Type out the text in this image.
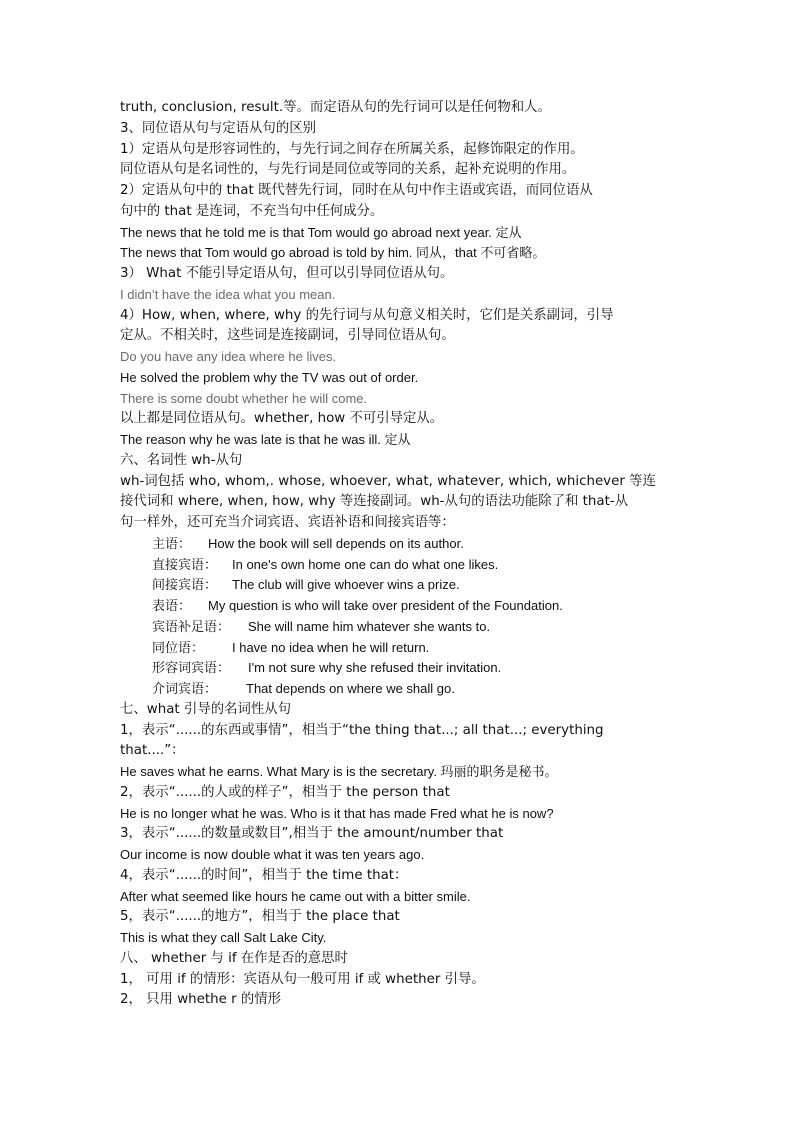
truth, conclusion, result.等。而定语从句的先行词可以是任何物和人。
3、同位语从句与定语从句的区别
1）定语从句是形容词性的，与先行词之间存在所属关系，起修饰限定的作用。
同位语从句是名词性的，与先行词是同位或等同的关系，起补充说明的作用。
2）定语从句中的 that 既代替先行词，同时在从句中作主语或宾语，而同位语从
句中的 that 是连词，不充当句中任何成分。
The news that he told me is that Tom would go abroad next year. 定从
The news that Tom would go abroad is told by him. 同从，that 不可省略。
3） What 不能引导定语从句，但可以引导同位语从句。
I didn’t have the idea what you mean.
4）How, when, where, why 的先行词与从句意义相关时，它们是关系副词，引导
定从。不相关时，这些词是连接副词，引导同位语从句。
Do you have any idea where he lives.
He solved the problem why the TV was out of order.
There is some doubt whether he will come.
以上都是同位语从句。whether, how 不可引导定从。
The reason why he was late is that he was ill. 定从
六、名词性 wh-从句
wh-词包括 who, whom,. whose, whoever, what, whatever, which, whichever 等连
接代词和 where, when, how, why 等连接副词。wh-从句的语法功能除了和 that-从
句一样外，还可充当介词宾语、宾语补语和间接宾语等：
主语： How the book will sell depends on its author.
直接宾语： In one's own home one can do what one likes.
间接宾语： The club will give whoever wins a prize.
表语： My question is who will take over president of the Foundation.
宾语补足语： She will name him whatever she wants to.
同位语： I have no idea when he will return.
形容词宾语： I'm not sure why she refused their invitation.
介词宾语： That depends on where we shall go.
七、what 引导的名词性从句
1，表示“......的东西或事情”，相当于“the thing that...; all that...; everything
that....”：
He saves what he earns. What Mary is is the secretary. 玛丽的职务是秘书。
2，表示“......的人或的样子”，相当于 the person that
He is no longer what he was. Who is it that has made Fred what he is now?
3，表示“......的数量或数目”,相当于 the amount/number that
Our income is now double what it was ten years ago.
4，表示“......的时间”，相当于 the time that：
After what seemed like hours he came out with a bitter smile.
5，表示“......的地方”，相当于 the place that
This is what they call Salt Lake City.
八、 whether 与 if 在作是否的意思时
1， 可用 if 的情形：宾语从句一般可用 if 或 whether 引导。
2， 只用 whethe r 的情形
